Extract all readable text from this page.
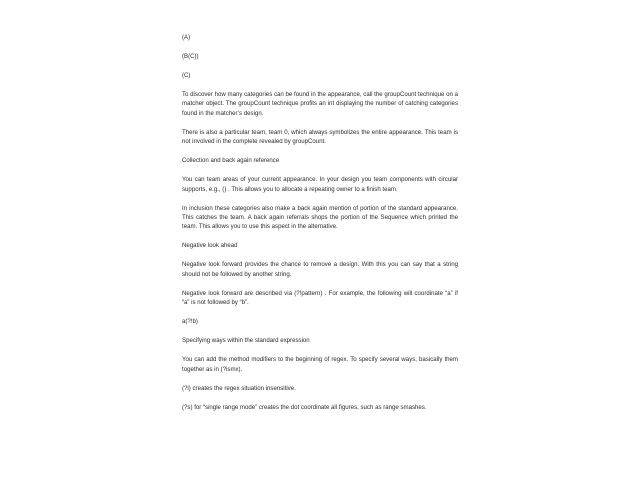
(A)

(B(C))

(C)

To discover how many categories can be found in the appearance, call the groupCount technique on a matcher object. The groupCount technique profits an int displaying the number of catching categories found in the matcher’s design.

There is also a particular team, team 0, which always symbolizes the entire appearance. This team is not involved in the complete revealed by groupCount.

Collection and back again reference

You can team areas of your current appearance. In your design you team components with circular supports, e.g., () . This allows you to allocate a repeating owner to a finish team.

In inclusion these categories also make a back again mention of portion of the standard appearance. This catches the team. A back again referrals shops the portion of the Sequence which printed the team. This allows you to use this aspect in the alternative.

Negative look ahead

Negative look forward provides the chance to remove a design. With this you can say that a string should not be followed by another string.

Negative look forward are described via (?!pattern) . For example, the following will coordinate “a” if “a” is not followed by “b”.

a(?!b)

Specifying ways within the standard expression

You can add the method modifiers to the beginning of regex. To specify several ways, basically them together as in (?ismx).

(?i) creates the regex situation insensitive.

(?s) for “single range mode” creates the dot coordinate all figures, such as range smashes.
